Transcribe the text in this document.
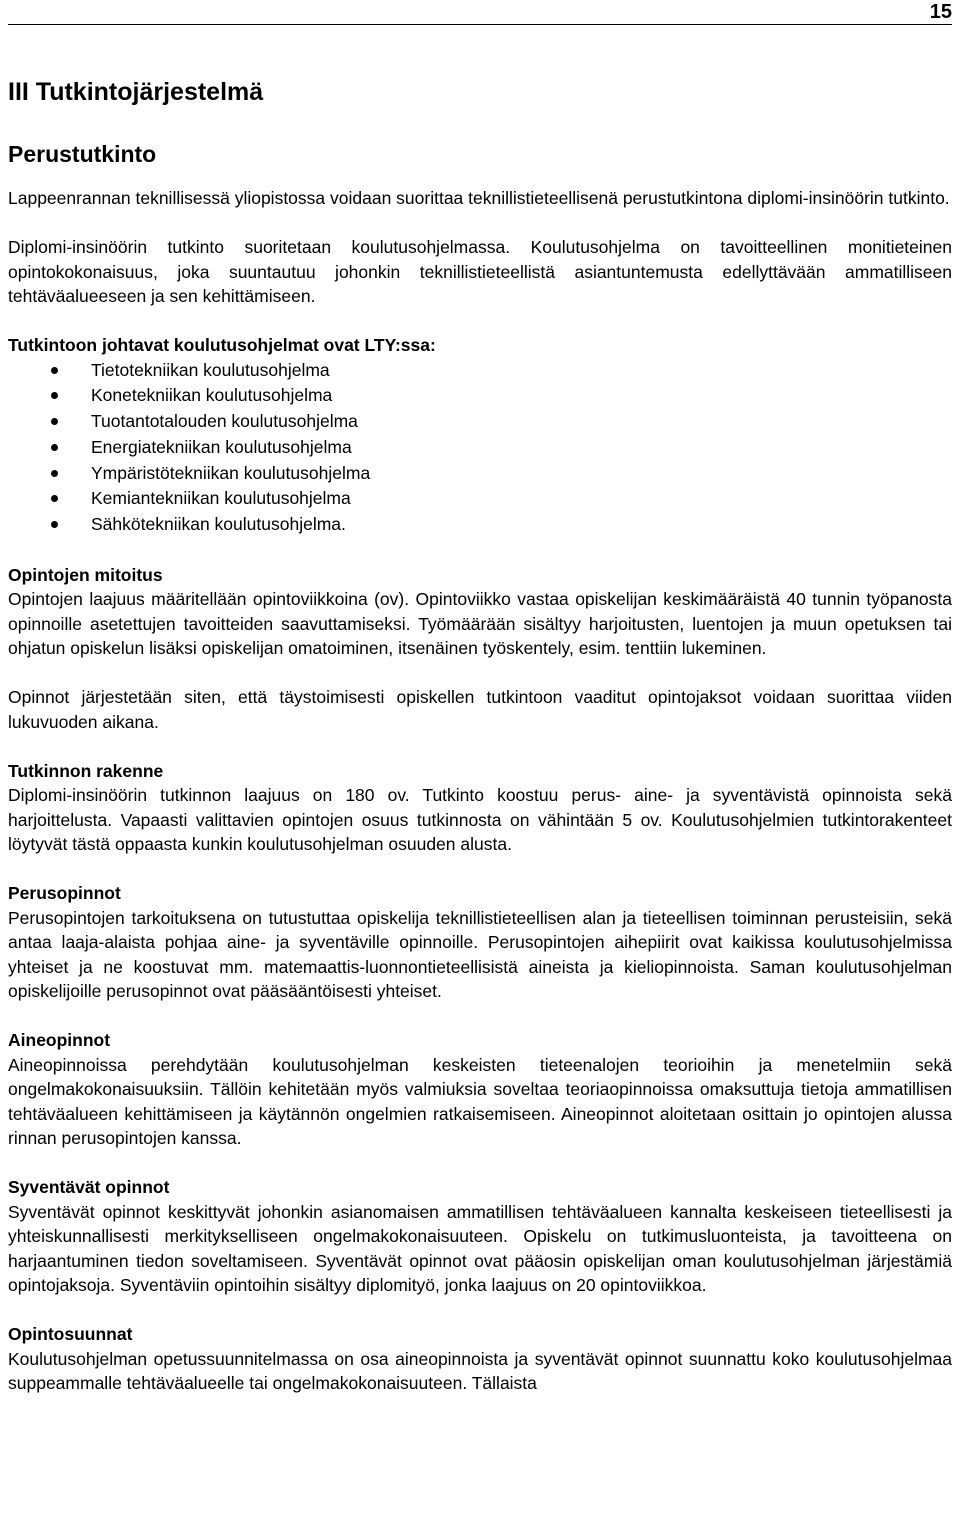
15
III Tutkintojärjestelmä
Perustutkinto

Lappeenrannan teknillisessä yliopistossa voidaan suorittaa teknillistieteellisenä perustutkintona diplomi-insinöörin tutkinto.

Diplomi-insinöörin tutkinto suoritetaan koulutusohjelmassa. Koulutusohjelma on tavoitteellinen monitieteinen opintokokonaisuus, joka suuntautuu johonkin teknillistieteellistä asiantuntemusta edellyttävään ammatilliseen tehtäväalueeseen ja sen kehittämiseen.

Tutkintoon johtavat koulutusohjelmat ovat LTY:ssa:
Tietotekniikan koulutusohjelma
Konetekniikan koulutusohjelma
Tuotantotalouden koulutusohjelma
Energiatekniikan koulutusohjelma
Ympäristötekniikan koulutusohjelma
Kemiantekniikan koulutusohjelma
Sähkötekniikan koulutusohjelma.
Opintojen mitoitus

Opintojen laajuus määritellään opintoviikkoina (ov). Opintoviikko vastaa opiskelijan keskimääräistä 40 tunnin työpanosta opinnoille asetettujen tavoitteiden saavuttamiseksi. Työmäärään sisältyy harjoitusten, luentojen ja muun opetuksen tai ohjatun opiskelun lisäksi opiskelijan omatoiminen, itsenäinen työskentely, esim. tenttiin lukeminen.

Opinnot järjestetään siten, että täystoimisesti opiskellen tutkintoon vaaditut opintojaksot voidaan suorittaa viiden lukuvuoden aikana.

Tutkinnon rakenne

Diplomi-insinöörin tutkinnon laajuus on 180 ov. Tutkinto koostuu perus- aine- ja syventävistä opinnoista sekä harjoittelusta. Vapaasti valittavien opintojen osuus tutkinnosta on vähintään 5 ov. Koulutusohjelmien tutkintorakenteet löytyvät tästä oppaasta kunkin koulutusohjelman osuuden alusta.

Perusopinnot

Perusopintojen tarkoituksena on tutustuttaa opiskelija teknillistieteellisen alan ja tieteellisen toiminnan perusteisiin, sekä antaa laaja-alaista pohjaa aine- ja syventäville opinnoille. Perusopintojen aihepiirit ovat kaikissa koulutusohjelmissa yhteiset ja ne koostuvat mm. matemaattis-luonnontieteellisistä aineista ja kieliopinnoista. Saman koulutusohjelman opiskelijoille perusopinnot ovat pääsääntöisesti yhteiset.

Aineopinnot

Aineopinnoissa perehdytään koulutusohjelman keskeisten tieteenalojen teorioihin ja menetelmiin sekä ongelmakokonaisuuksiin. Tällöin kehitetään myös valmiuksia soveltaa teoriaopinnoissa omaksuttuja tietoja ammatillisen tehtäväalueen kehittämiseen ja käytännön ongelmien ratkaisemiseen. Aineopinnot aloitetaan osittain jo opintojen alussa rinnan perusopintojen kanssa.

Syventävät opinnot

Syventävät opinnot keskittyvät johonkin asianomaisen ammatillisen tehtäväalueen kannalta keskeiseen tieteellisesti ja yhteiskunnallisesti merkitykselliseen ongelmakokonaisuuteen. Opiskelu on tutkimusluonteista, ja tavoitteena on harjaantuminen tiedon soveltamiseen. Syventävät opinnot ovat pääosin opiskelijan oman koulutusohjelman järjestämiä opintojaksoja. Syventäviin opintoihin sisältyy diplomityö, jonka laajuus on 20 opintoviikkoa.

Opintosuunnat

Koulutusohjelman opetussuunnitelmassa on osa aineopinnoista ja syventävät opinnot suunnattu koko koulutusohjelmaa suppeammalle tehtäväalueelle tai ongelmakokonaisuuteen. Tällaista
